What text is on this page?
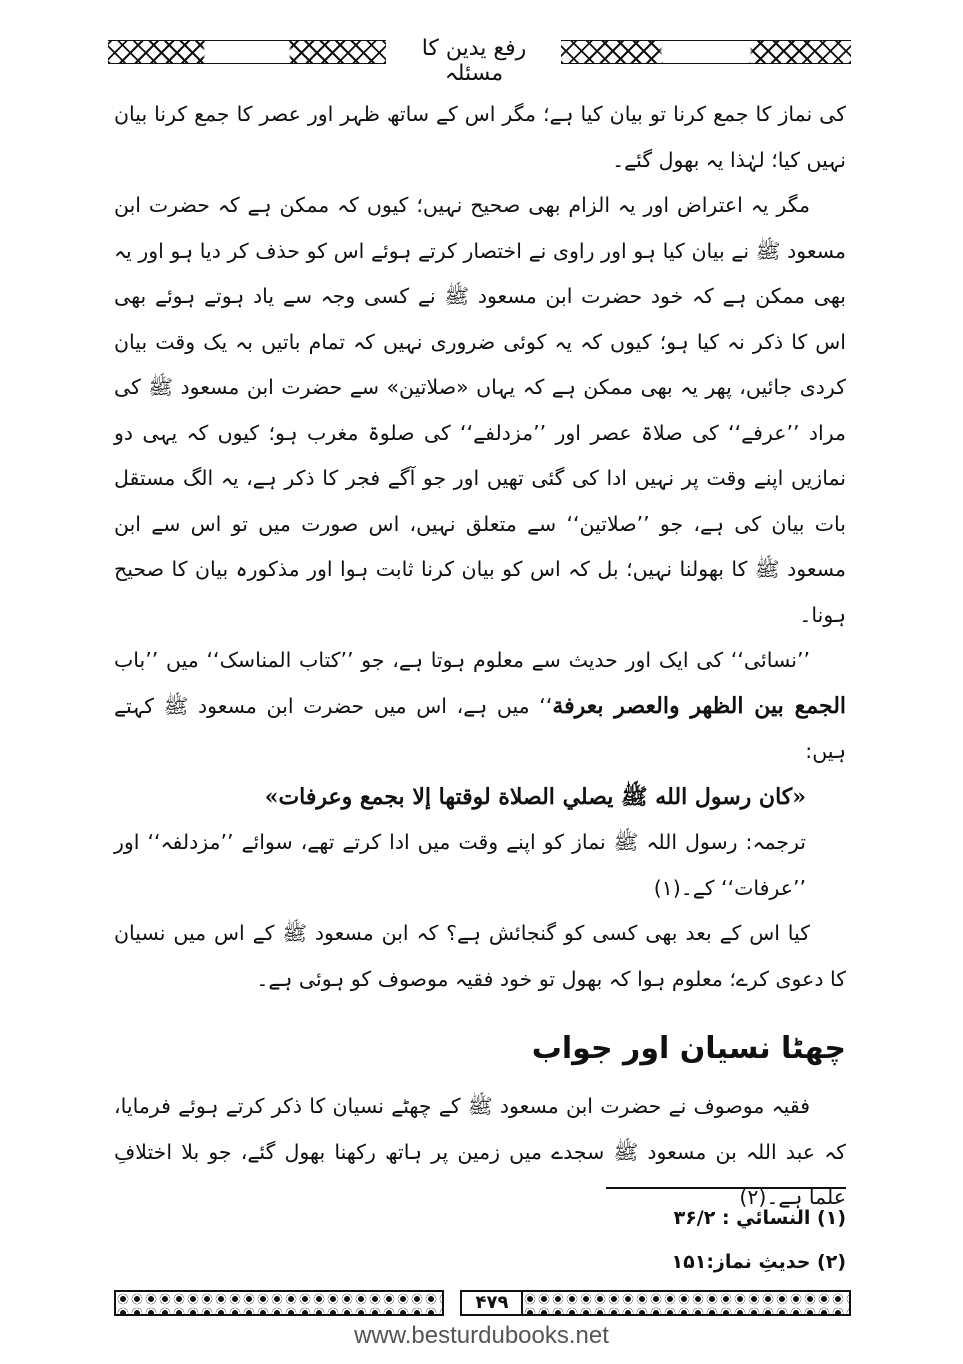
رفع یدین کا مسئلہ

کی نماز کا جمع کرنا تو بیان کیا ہے؛ مگر اس کے ساتھ ظہر اور عصر کا جمع کرنا بیان نہیں کیا؛ لہٰذا یہ بھول گئے۔

مگر یہ اعتراض اور یہ الزام بھی صحیح نہیں؛ کیوں کہ ممکن ہے کہ حضرت ابن مسعود ﷺ نے بیان کیا ہو اور راوی نے اختصار کرتے ہوئے اس کو حذف کر دیا ہو اور یہ بھی ممکن ہے کہ خود حضرت ابن مسعود ﷺ نے کسی وجہ سے یاد ہوتے ہوئے بھی اس کا ذکر نہ کیا ہو؛ کیوں کہ یہ کوئی ضروری نہیں کہ تمام باتیں بہ یک وقت بیان کردی جائیں، پھر یہ بھی ممکن ہے کہ یہاں «صلاتین» سے حضرت ابن مسعود ﷺ کی مراد ’’عرفے‘‘ کی صلاۃ عصر اور ’’مزدلفے‘‘ کی صلوۃ مغرب ہو؛ کیوں کہ یہی دو نمازیں اپنے وقت پر نہیں ادا کی گئی تھیں اور جو آگے فجر کا ذکر ہے، یہ الگ مستقل بات بیان کی ہے، جو ’’صلاتین‘‘ سے متعلق نہیں، اس صورت میں تو اس سے ابن مسعود ﷺ کا بھولنا نہیں؛ بل کہ اس کو بیان کرنا ثابت ہوا اور مذکورہ بیان کا صحیح ہونا۔

’’نسائی‘‘ کی ایک اور حدیث سے معلوم ہوتا ہے، جو ’’کتاب المناسک‘‘ میں ’’باب الجمع بین الظھر والعصر بعرفة‘‘ میں ہے، اس میں حضرت ابن مسعود ﷺ کہتے ہیں:

«كان رسول الله ﷺ يصلي الصلاة لوقتها إلا بجمع وعرفات»

ترجمہ: رسول اللہ ﷺ نماز کو اپنے وقت میں ادا کرتے تھے، سوائے ’’مزدلفہ‘‘ اور ’’عرفات‘‘ کے۔(۱)

کیا اس کے بعد بھی کسی کو گنجائش ہے؟ کہ ابن مسعود ﷺ کے اس میں نسیان کا دعوی کرے؛ معلوم ہوا کہ بھول تو خود فقیہ موصوف کو ہوئی ہے۔

چھٹا نسیان اور جواب

فقیہ موصوف نے حضرت ابن مسعود ﷺ کے چھٹے نسیان کا ذکر کرتے ہوئے فرمایا، کہ عبد اللہ بن مسعود ﷺ سجدے میں زمین پر ہاتھ رکھنا بھول گئے، جو بلا اختلافِ علما ہے۔(۲)

(۱) النسائي : ۳۶/۲
(۲) حدیثِ نماز:۱۵۱
۴۷۹
www.besturdubooks.net
